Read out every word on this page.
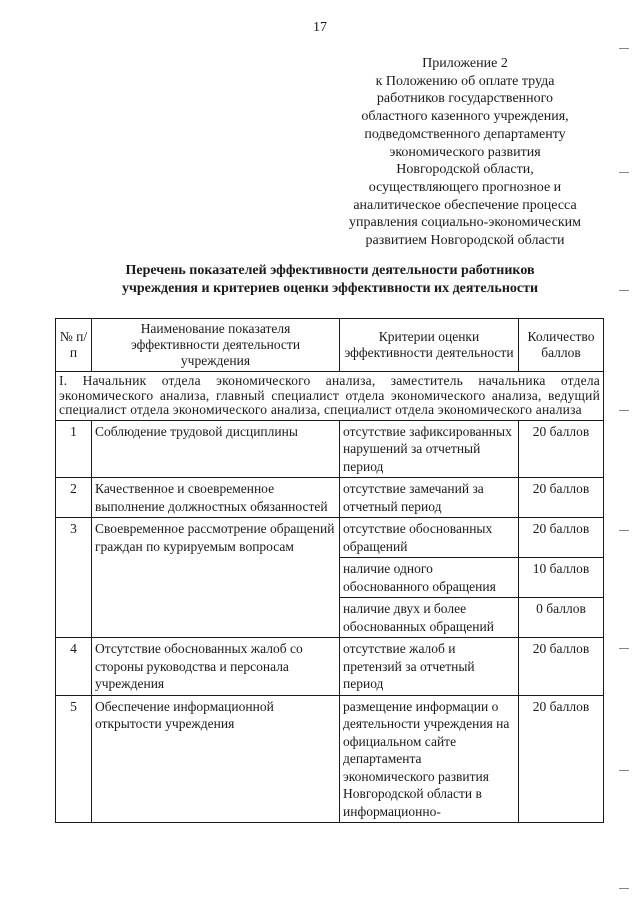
17
Приложение 2
к Положению об оплате труда
работников государственного
областного казенного учреждения,
подведомственного департаменту
экономического развития
Новгородской области,
осуществляющего прогнозное и
аналитическое обеспечение процесса
управления социально-экономическим
развитием Новгородской области
Перечень показателей эффективности деятельности работников
учреждения и критериев оценки эффективности их деятельности
№ п/п	Наименование показателя эффективности деятельности учреждения	Критерии оценки эффективности деятельности	Количество баллов
I. Начальник отдела экономического анализа, заместитель начальника отдела экономического анализа, главный специалист отдела экономического анализа, ведущий специалист отдела экономического анализа, специалист отдела экономического анализа			
1	Соблюдение трудовой дисциплины	отсутствие зафиксированных нарушений за отчетный период	20 баллов
2	Качественное и своевременное выполнение должностных обязанностей	отсутствие замечаний за отчетный период	20 баллов
3	Своевременное рассмотрение обращений граждан по курируемым вопросам	отсутствие обоснованных обращений	20 баллов
		наличие одного обоснованного обращения	10 баллов
		наличие двух и более обоснованных обращений	0 баллов
4	Отсутствие обоснованных жалоб со стороны руководства и персонала учреждения	отсутствие жалоб и претензий за отчетный период	20 баллов
5	Обеспечение информационной открытости учреждения	размещение информации о деятельности учреждения на официальном сайте департамента экономического развития Новгородской области в информационно-	20 баллов
